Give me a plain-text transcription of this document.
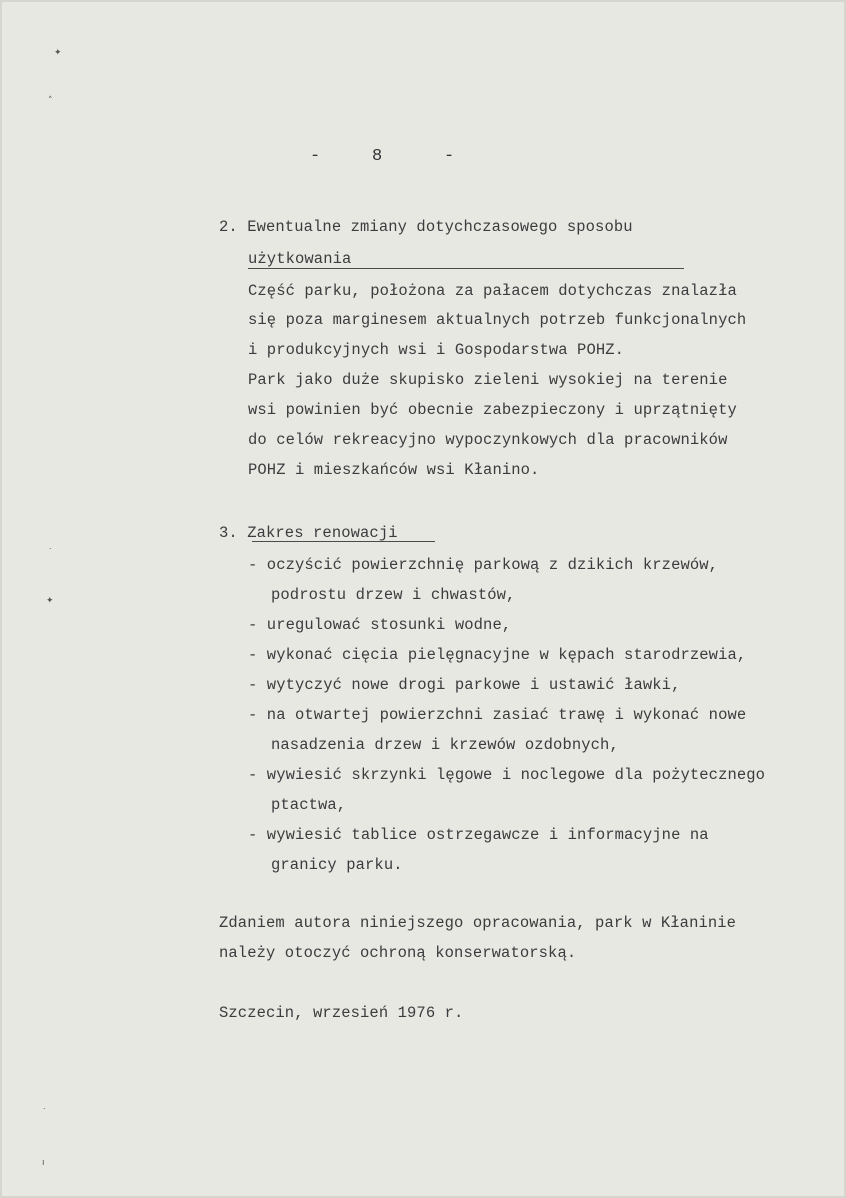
-	8	-
2. Ewentualne zmiany dotychczasowego sposobu
użytkowania
Część parku, położona za pałacem dotychczas znalazła
się poza marginesem aktualnych potrzeb funkcjonalnych
i produkcyjnych wsi i Gospodarstwa POHZ.
Park jako duże skupisko zieleni wysokiej na terenie
wsi powinien być obecnie zabezpieczony i uprzątnięty
do celów rekreacyjno wypoczynkowych dla pracowników
POHZ i mieszkańców wsi Kłanino.
3. Zakres renowacji
- oczyścić powierzchnię parkową z dzikich krzewów,
podrostu drzew i chwastów,
- uregulować stosunki wodne,
- wykonać cięcia pielęgnacyjne w kępach starodrzewia,
- wytyczyć nowe drogi parkowe i ustawić ławki,
- na otwartej powierzchni zasiać trawę i wykonać nowe
nasadzenia drzew i krzewów ozdobnych,
- wywiesić skrzynki lęgowe i noclegowe dla pożytecznego
ptactwa,
- wywiesić tablice ostrzegawcze i informacyjne na
granicy parku.
Zdaniem autora niniejszego opracowania, park w Kłaninie
należy otoczyć ochroną konserwatorską.
Szczecin, wrzesień 1976 r.
✦
˄
˙
✦
˙
ı
